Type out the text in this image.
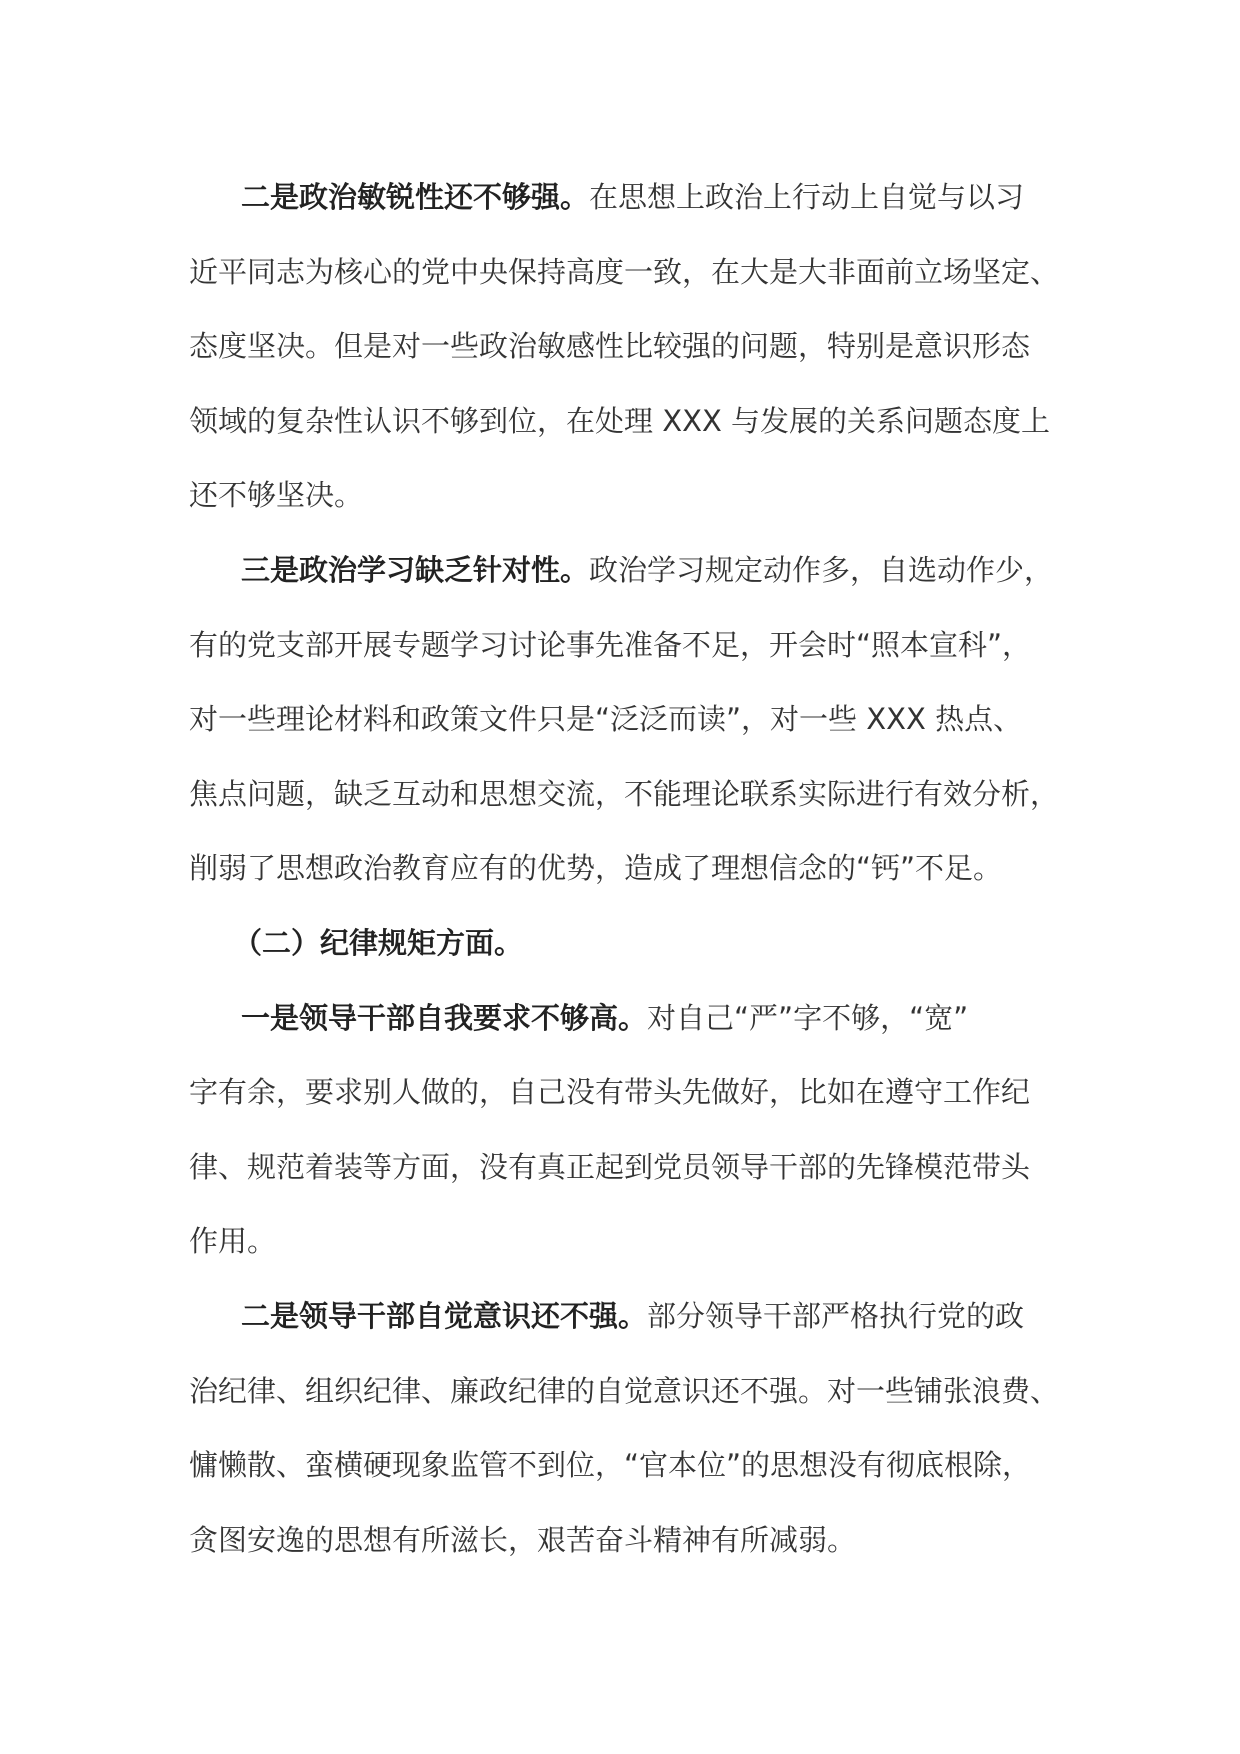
二是政治敏锐性还不够强。在思想上政治上行动上自觉与以习
近平同志为核心的党中央保持高度一致，在大是大非面前立场坚定、
态度坚决。但是对一些政治敏感性比较强的问题，特别是意识形态
领域的复杂性认识不够到位，在处理 XXX 与发展的关系问题态度上
还不够坚决。
三是政治学习缺乏针对性。政治学习规定动作多，自选动作少，
有的党支部开展专题学习讨论事先准备不足，开会时“照本宣科”，
对一些理论材料和政策文件只是“泛泛而读”，对一些 XXX 热点、
焦点问题，缺乏互动和思想交流，不能理论联系实际进行有效分析，
削弱了思想政治教育应有的优势，造成了理想信念的“钙”不足。
（二）纪律规矩方面。
一是领导干部自我要求不够高。对自己“严”字不够，“宽”
字有余，要求别人做的，自己没有带头先做好，比如在遵守工作纪
律、规范着装等方面，没有真正起到党员领导干部的先锋模范带头
作用。
二是领导干部自觉意识还不强。部分领导干部严格执行党的政
治纪律、组织纪律、廉政纪律的自觉意识还不强。对一些铺张浪费、
慵懒散、蛮横硬现象监管不到位，“官本位”的思想没有彻底根除，
贪图安逸的思想有所滋长，艰苦奋斗精神有所减弱。
